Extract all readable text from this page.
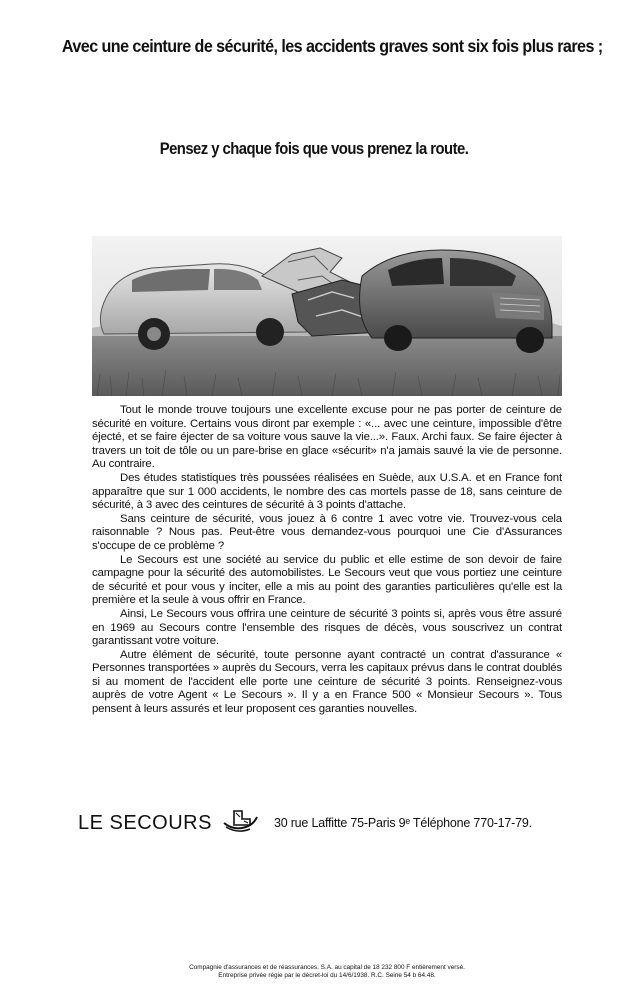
Avec une ceinture de sécurité, les accidents graves sont six fois plus rares ;
Pensez y chaque fois que vous prenez la route.

Tout le monde trouve toujours une excellente excuse pour ne pas porter de ceinture de sécurité en voiture. Certains vous diront par exemple : «... avec une ceinture, impossible d'être éjecté, et se faire éjecter de sa voiture vous sauve la vie...». Faux. Archi faux. Se faire éjecter à travers un toit de tôle ou un pare-brise en glace «sécurit» n'a jamais sauvé la vie de personne. Au contraire.

Des études statistiques très poussées réalisées en Suède, aux U.S.A. et en France font apparaître que sur 1 000 accidents, le nombre des cas mortels passe de 18, sans ceinture de sécurité, à 3 avec des ceintures de sécurité à 3 points d'attache.

Sans ceinture de sécurité, vous jouez à 6 contre 1 avec votre vie. Trouvez-vous cela raisonnable ? Nous pas. Peut-être vous demandez-vous pourquoi une Cie d'Assurances s'occupe de ce problème ?

Le Secours est une société au service du public et elle estime de son devoir de faire campagne pour la sécurité des automobilistes. Le Secours veut que vous portiez une ceinture de sécurité et pour vous y inciter, elle a mis au point des garanties particulières qu'elle est la première et la seule à vous offrir en France.

Ainsi, Le Secours vous offrira une ceinture de sécurité 3 points si, après vous être assuré en 1969 au Secours contre l'ensemble des risques de décès, vous souscrivez un contrat garantissant votre voiture.

Autre élément de sécurité, toute personne ayant contracté un contrat d'assurance « Personnes transportées » auprès du Secours, verra les capitaux prévus dans le contrat doublés si au moment de l'accident elle porte une ceinture de sécurité 3 points. Renseignez-vous auprès de votre Agent « Le Secours ». Il y a en France 500 « Monsieur Secours ». Tous pensent à leurs assurés et leur proposent ces garanties nouvelles.

LE SECOURS	30 rue Laffitte 75-Paris 9ᵉ Téléphone 770-17-79.
Compagnie d'assurances et de réassurances. S.A. au capital de 18 232 800 F entièrement versé.
Entreprise privée régie par le décret-loi du 14/6/1938. R.C. Seine 54 b 64.48.
